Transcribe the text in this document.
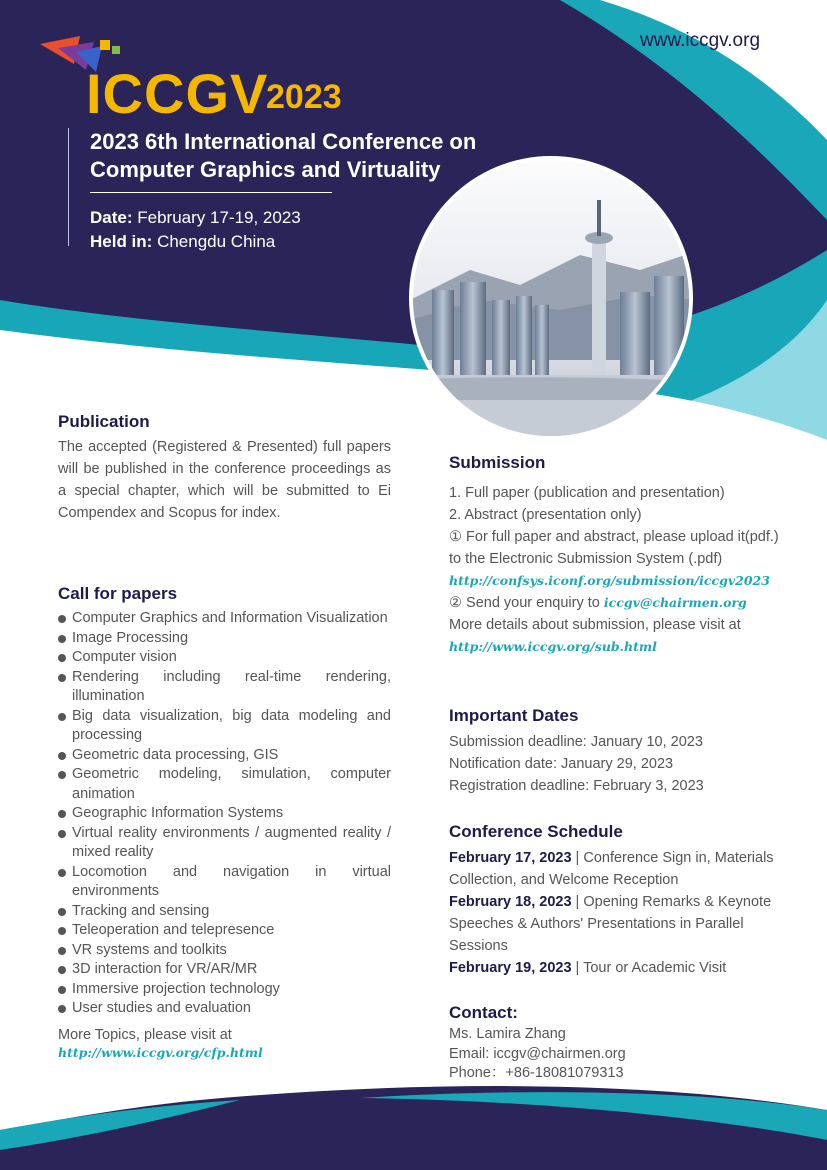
www.iccgv.org
ICCGV
2023
2023 6th International Conference on
Computer Graphics and Virtuality
Date: February 17-19, 2023
Held in: Chengdu China
Publication
The accepted (Registered & Presented) full papers will be published in the conference proceedings as a special chapter, which will be submitted to Ei Compendex and Scopus for index.
Call for papers
Computer Graphics and Information Visualization
Image Processing
Computer vision
Rendering including real-time rendering, illumination
Big data visualization, big data modeling and processing
Geometric data processing, GIS
Geometric modeling, simulation, computer animation
Geographic Information Systems
Virtual reality environments / augmented reality / mixed reality
Locomotion and navigation in virtual environments
Tracking and sensing
Teleoperation and telepresence
VR systems and toolkits
3D interaction for VR/AR/MR
Immersive projection technology
User studies and evaluation
More Topics, please visit at
http://www.iccgv.org/cfp.html
Submission

1. Full paper (publication and presentation)

2. Abstract (presentation only)

① For full paper and abstract, please upload it(pdf.) to the Electronic Submission System (.pdf)

http://confsys.iconf.org/submission/iccgv2023

② Send your enquiry to iccgv@chairmen.org

More details about submission, please visit at

http://www.iccgv.org/sub.html

Important Dates

Submission deadline: January 10, 2023

Notification date: January 29, 2023

Registration deadline: February 3, 2023

Conference Schedule

February 17, 2023 | Conference Sign in, Materials Collection, and Welcome Reception

February 18, 2023 | Opening Remarks & Keynote Speeches & Authors' Presentations in Parallel Sessions

February 19, 2023 | Tour or Academic Visit

Contact:

Ms. Lamira Zhang

Email: iccgv@chairmen.org

Phone：+86-18081079313
